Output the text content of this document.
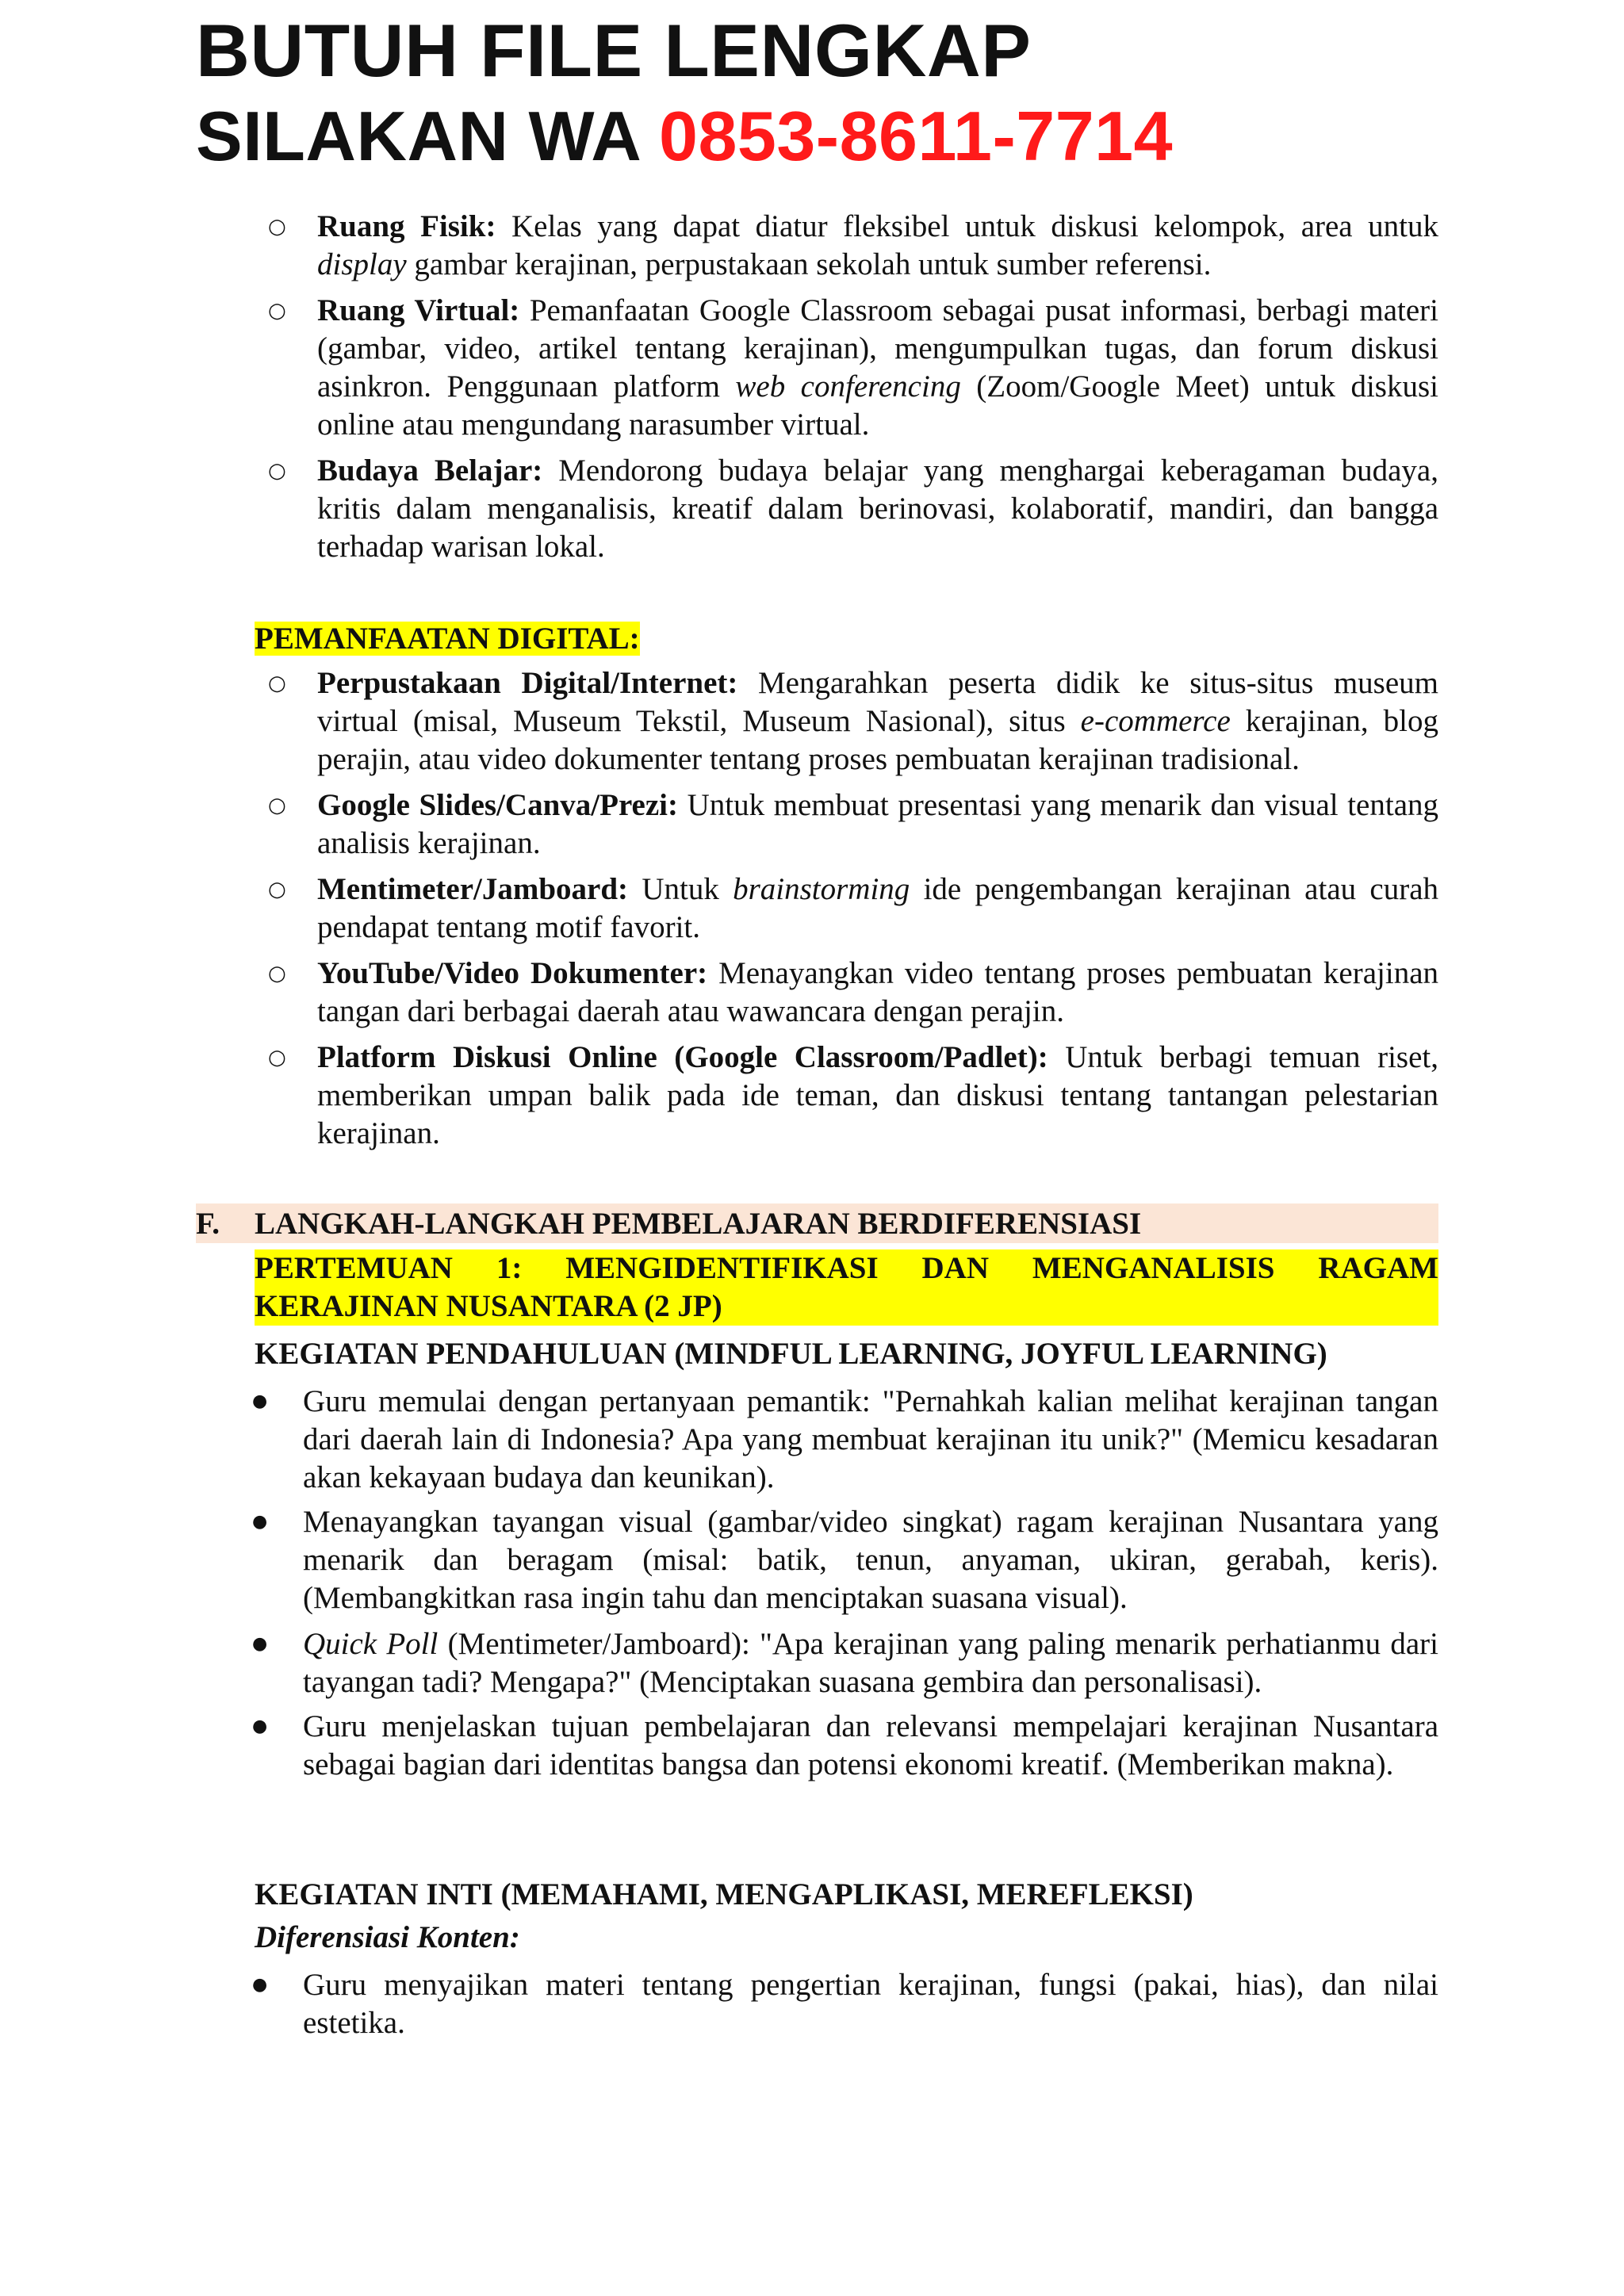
BUTUH FILE LENGKAP
SILAKAN WA 0853-8611-7714
○ Ruang Fisik: Kelas yang dapat diatur fleksibel untuk diskusi kelompok, area untuk display gambar kerajinan, perpustakaan sekolah untuk sumber referensi.
○ Ruang Virtual: Pemanfaatan Google Classroom sebagai pusat informasi, berbagi materi (gambar, video, artikel tentang kerajinan), mengumpulkan tugas, dan forum diskusi asinkron. Penggunaan platform web conferencing (Zoom/Google Meet) untuk diskusi online atau mengundang narasumber virtual.
○ Budaya Belajar: Mendorong budaya belajar yang menghargai keberagaman budaya, kritis dalam menganalisis, kreatif dalam berinovasi, kolaboratif, mandiri, dan bangga terhadap warisan lokal.
PEMANFAATAN DIGITAL:
○ Perpustakaan Digital/Internet: Mengarahkan peserta didik ke situs-situs museum virtual (misal, Museum Tekstil, Museum Nasional), situs e-commerce kerajinan, blog perajin, atau video dokumenter tentang proses pembuatan kerajinan tradisional.
○ Google Slides/Canva/Prezi: Untuk membuat presentasi yang menarik dan visual tentang analisis kerajinan.
○ Mentimeter/Jamboard: Untuk brainstorming ide pengembangan kerajinan atau curah pendapat tentang motif favorit.
○ YouTube/Video Dokumenter: Menayangkan video tentang proses pembuatan kerajinan tangan dari berbagai daerah atau wawancara dengan perajin.
○ Platform Diskusi Online (Google Classroom/Padlet): Untuk berbagi temuan riset, memberikan umpan balik pada ide teman, dan diskusi tentang tantangan pelestarian kerajinan.
F. LANGKAH-LANGKAH PEMBELAJARAN BERDIFERENSIASI
PERTEMUAN 1: MENGIDENTIFIKASI DAN MENGANALISIS RAGAM KERAJINAN NUSANTARA (2 JP)
KEGIATAN PENDAHULUAN (MINDFUL LEARNING, JOYFUL LEARNING)
● Guru memulai dengan pertanyaan pemantik: "Pernahkah kalian melihat kerajinan tangan dari daerah lain di Indonesia? Apa yang membuat kerajinan itu unik?" (Memicu kesadaran akan kekayaan budaya dan keunikan).
● Menayangkan tayangan visual (gambar/video singkat) ragam kerajinan Nusantara yang menarik dan beragam (misal: batik, tenun, anyaman, ukiran, gerabah, keris). (Membangkitkan rasa ingin tahu dan menciptakan suasana visual).
● Quick Poll (Mentimeter/Jamboard): "Apa kerajinan yang paling menarik perhatianmu dari tayangan tadi? Mengapa?" (Menciptakan suasana gembira dan personalisasi).
● Guru menjelaskan tujuan pembelajaran dan relevansi mempelajari kerajinan Nusantara sebagai bagian dari identitas bangsa dan potensi ekonomi kreatif. (Memberikan makna).
KEGIATAN INTI (MEMAHAMI, MENGAPLIKASI, MEREFLEKSI)
Diferensiasi Konten:
● Guru menyajikan materi tentang pengertian kerajinan, fungsi (pakai, hias), dan nilai estetika.
